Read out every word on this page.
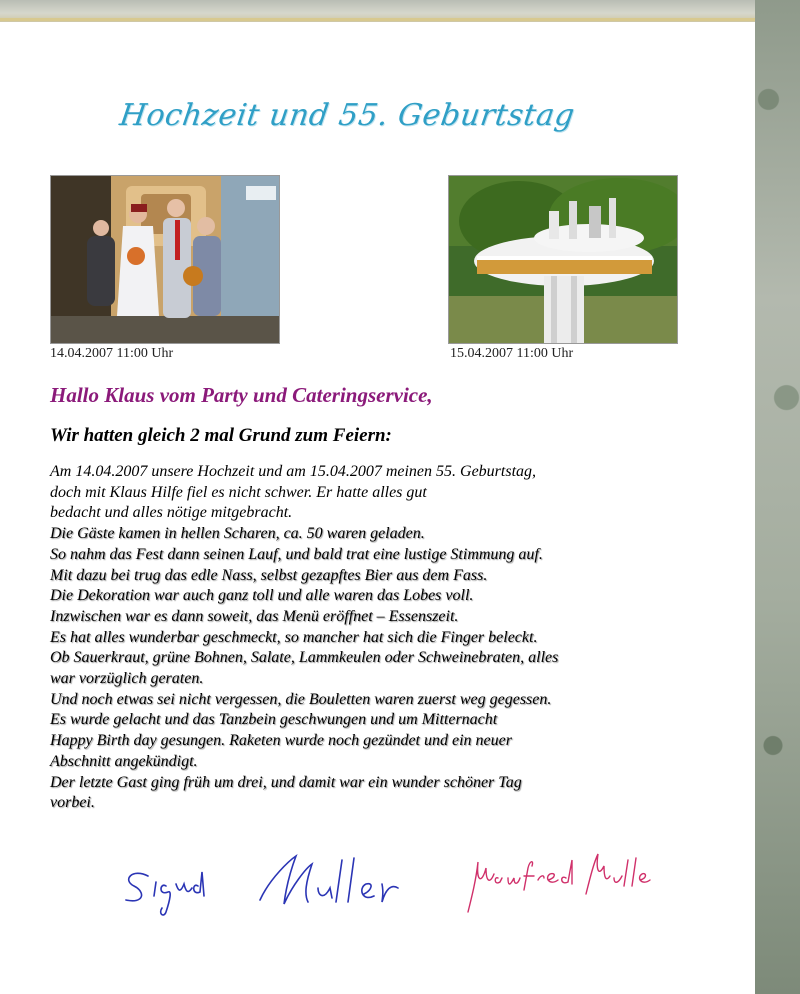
Hochzeit und 55. Geburtstag
14.04.2007 11:00 Uhr	15.04.2007 11:00 Uhr
Hallo Klaus vom Party und Cateringservice,
Wir hatten gleich 2 mal Grund zum Feiern:
Am 14.04.2007 unsere Hochzeit und am 15.04.2007 meinen 55. Geburtstag,
doch mit Klaus Hilfe fiel es nicht schwer. Er hatte alles gut
bedacht und alles nötige mitgebracht.
Die Gäste kamen in hellen Scharen, ca. 50 waren geladen.
So nahm das Fest dann seinen Lauf, und bald trat eine lustige Stimmung auf.
Mit dazu bei trug das edle Nass, selbst gezapftes Bier aus dem Fass.
Die Dekoration war auch ganz toll und alle waren das Lobes voll.
Inzwischen war es dann soweit, das Menü eröffnet – Essenszeit.
Es hat alles wunderbar geschmeckt, so mancher hat sich die Finger beleckt.
Ob Sauerkraut, grüne Bohnen, Salate, Lammkeulen oder Schweinebraten, alles
war vorzüglich geraten.
Und noch etwas sei nicht vergessen, die Bouletten waren zuerst weg gegessen.
Es wurde gelacht und das Tanzbein geschwungen und um Mitternacht
Happy Birth day gesungen. Raketen wurde noch gezündet und ein neuer
Abschnitt angekündigt.
Der letzte Gast ging früh um drei, und damit war ein wunder schöner Tag
vorbei.
